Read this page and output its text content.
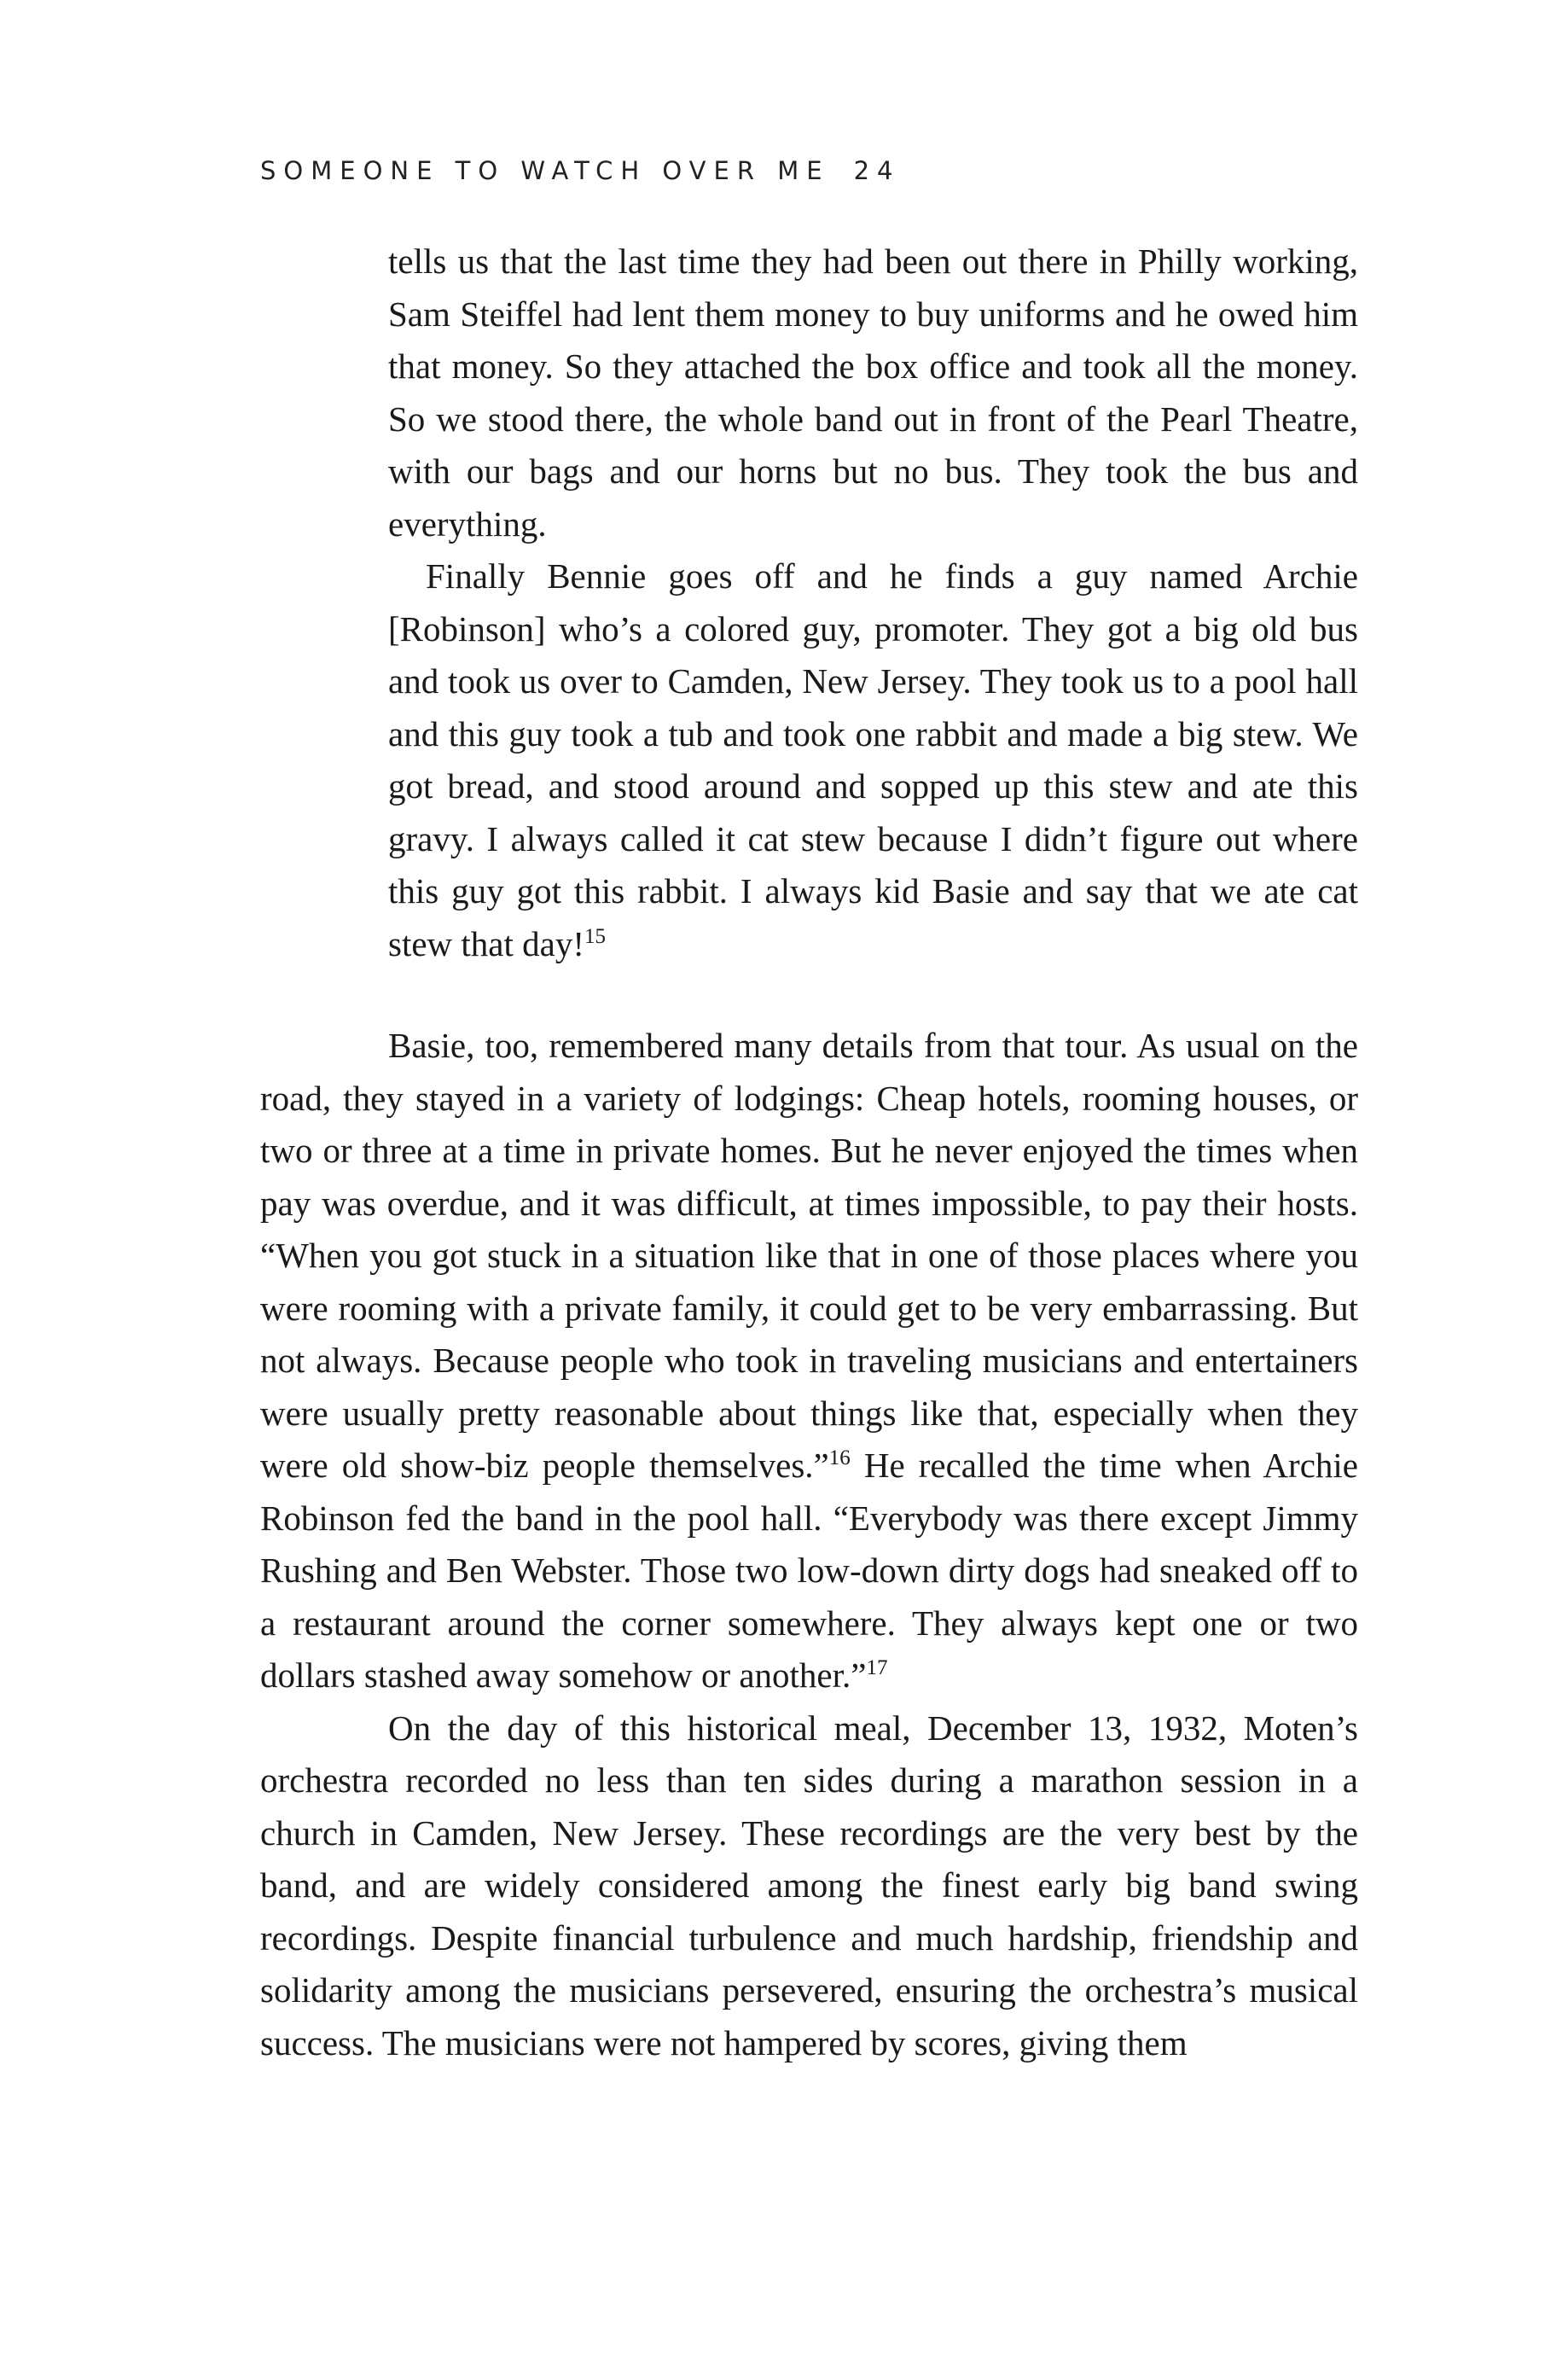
SOMEONE TO WATCH OVER ME 24

tells us that the last time they had been out there in Philly working, Sam Steiffel had lent them money to buy uniforms and he owed him that money. So they attached the box office and took all the money. So we stood there, the whole band out in front of the Pearl Theatre, with our bags and our horns but no bus. They took the bus and everything.

Finally Bennie goes off and he finds a guy named Archie [Robinson] who’s a colored guy, promoter. They got a big old bus and took us over to Camden, New Jersey. They took us to a pool hall and this guy took a tub and took one rabbit and made a big stew. We got bread, and stood around and sopped up this stew and ate this gravy. I always called it cat stew because I didn’t figure out where this guy got this rabbit. I always kid Basie and say that we ate cat stew that day!$^{15}$

Basie, too, remembered many details from that tour. As usual on the road, they stayed in a variety of lodgings: Cheap hotels, rooming houses, or two or three at a time in private homes. But he never enjoyed the times when pay was overdue, and it was difficult, at times impossible, to pay their hosts. “When you got stuck in a situation like that in one of those places where you were rooming with a private family, it could get to be very embarrassing. But not always. Because people who took in traveling musicians and entertainers were usually pretty reasonable about things like that, especially when they were old show-biz people themselves.”$^{16}$ He recalled the time when Archie Robinson fed the band in the pool hall. “Everybody was there except Jimmy Rushing and Ben Webster. Those two low-down dirty dogs had sneaked off to a restaurant around the corner somewhere. They always kept one or two dollars stashed away somehow or another.”$^{17}$

On the day of this historical meal, December 13, 1932, Moten’s orchestra recorded no less than ten sides during a marathon session in a church in Camden, New Jersey. These recordings are the very best by the band, and are widely considered among the finest early big band swing recordings. Despite financial turbulence and much hardship, friendship and solidarity among the musicians persevered, ensuring the orchestra’s musical success. The musicians were not hampered by scores, giving them
